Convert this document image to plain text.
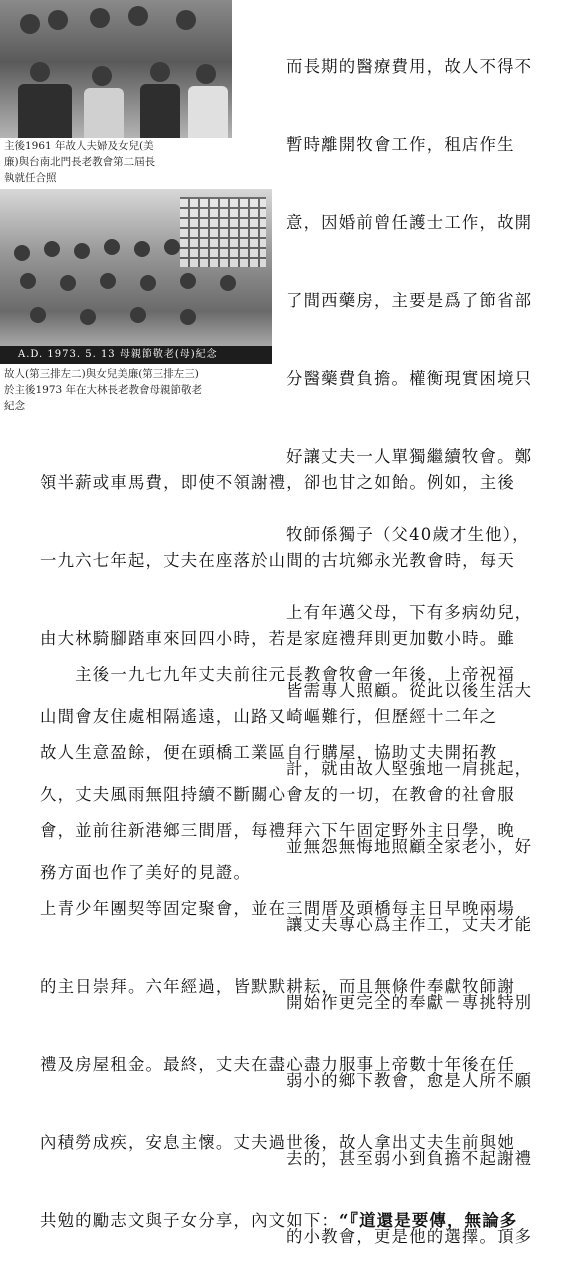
主後1961 年故人夫婦及女兒(美
廉)與台南北門長老教會第二屆長
執就任合照
A.D. 1973. 5. 13 母親節敬老(母)紀念
故人(第三排左二)與女兒美廉(第三排左三)
於主後1973 年在大林長老教會母親節敬老
紀念

而長期的醫療費用，故人不得不

暫時離開牧會工作，租店作生

意，因婚前曾任護士工作，故開

了間西藥房，主要是爲了節省部

分醫藥費負擔。權衡現實困境只

好讓丈夫一人單獨繼續牧會。鄭

牧師係獨子（父40歲才生他），

上有年邁父母，下有多病幼兒，

皆需專人照顧。從此以後生活大

計，就由故人堅強地一肩挑起，

並無怨無悔地照顧全家老小，好

讓丈夫專心爲主作工，丈夫才能

開始作更完全的奉獻－專挑特別

弱小的鄉下教會，愈是人所不願

去的，甚至弱小到負擔不起謝禮

的小教會，更是他的選擇。頂多

領半薪或車馬費，即使不領謝禮，卻也甘之如飴。例如，主後

一九六七年起，丈夫在座落於山間的古坑鄉永光教會時，每天

由大林騎腳踏車來回四小時，若是家庭禮拜則更加數小時。雖

山間會友住處相隔遙遠，山路又崎嶇難行，但歷經十二年之

久，丈夫風雨無阻持續不斷關心會友的一切，在教會的社會服

務方面也作了美好的見證。

　　主後一九七九年丈夫前往元長教會牧會一年後，上帝祝福

故人生意盈餘，便在頭橋工業區自行購屋，協助丈夫開拓教

會，並前往新港鄉三間厝，每禮拜六下午固定野外主日學，晚

上青少年團契等固定聚會，並在三間厝及頭橋每主日早晚兩場

的主日崇拜。六年經過，皆默默耕耘，而且無條件奉獻牧師謝

禮及房屋租金。最終，丈夫在盡心盡力服事上帝數十年後在任

內積勞成疾，安息主懷。丈夫過世後，故人拿出丈夫生前與她

共勉的勵志文與子女分享，內文如下：“『道還是要傳，無論多
